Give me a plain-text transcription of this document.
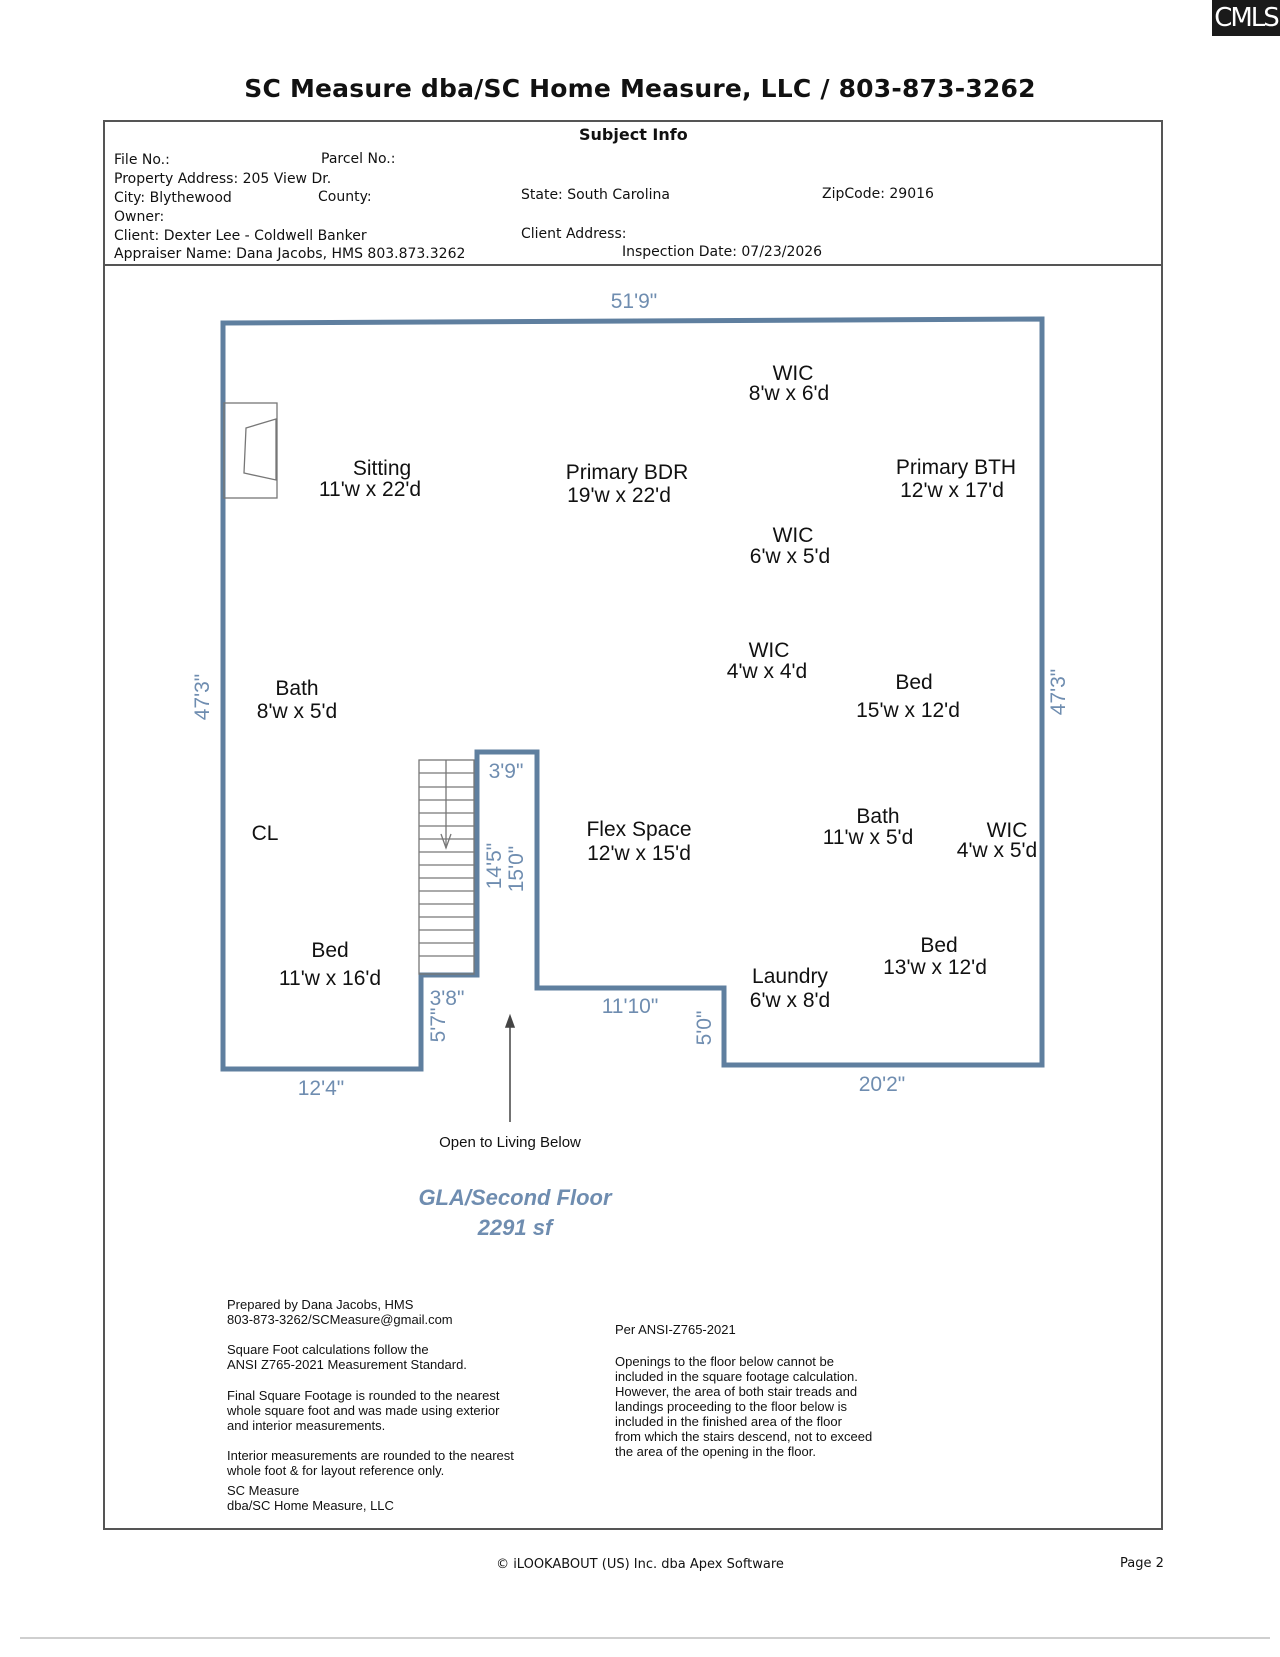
CMLS
SC Measure dba/SC Home Measure, LLC / 803-873-3262
Subject Info
File No.:	Parcel No.:
Property Address: 205 View Dr.
City: Blythewood	County:	State: South Carolina	ZipCode: 29016
Owner:
Client: Dexter Lee - Coldwell Banker	Client Address:
Appraiser Name: Dana Jacobs, HMS 803.873.3262	Inspection Date: 07/23/2026
WIC
8'w x 6'd
Sitting
11'w x 22'd
Primary BDR
19'w x 22'd
Primary BTH
12'w x 17'd
WIC
6'w x 5'd
WIC
4'w x 4'd
Bath
8'w x 5'd
Bed
15'w x 12'd
CL	Flex Space
12'w x 15'd
Bath
11'w x 5'd	WIC
4'w x 5'd
Bed
11'w x 16'd	Laundry
6'w x 8'd
Bed
13'w x 12'd
51'9"
47'3"	47'3"
12'4"	20'2"
3'9"
14'5" 15'0"
3'8"
5'7"
11'10"
5'0"
Open to Living Below
GLA/Second Floor
2291 sf
Prepared by Dana Jacobs, HMS
803-873-3262/SCMeasure@gmail.com
Square Foot calculations follow the
ANSI Z765-2021 Measurement Standard.
Final Square Footage is rounded to the nearest
whole square foot and was made using exterior
and interior measurements.
Interior measurements are rounded to the nearest
whole foot & for layout reference only.
SC Measure
dba/SC Home Measure, LLC
Per ANSI-Z765-2021
Openings to the floor below cannot be
included in the square footage calculation.
However, the area of both stair treads and
landings proceeding to the floor below is
included in the finished area of the floor
from which the stairs descend, not to exceed
the area of the opening in the floor.
© iLOOKABOUT (US) Inc. dba Apex Software	Page 2
